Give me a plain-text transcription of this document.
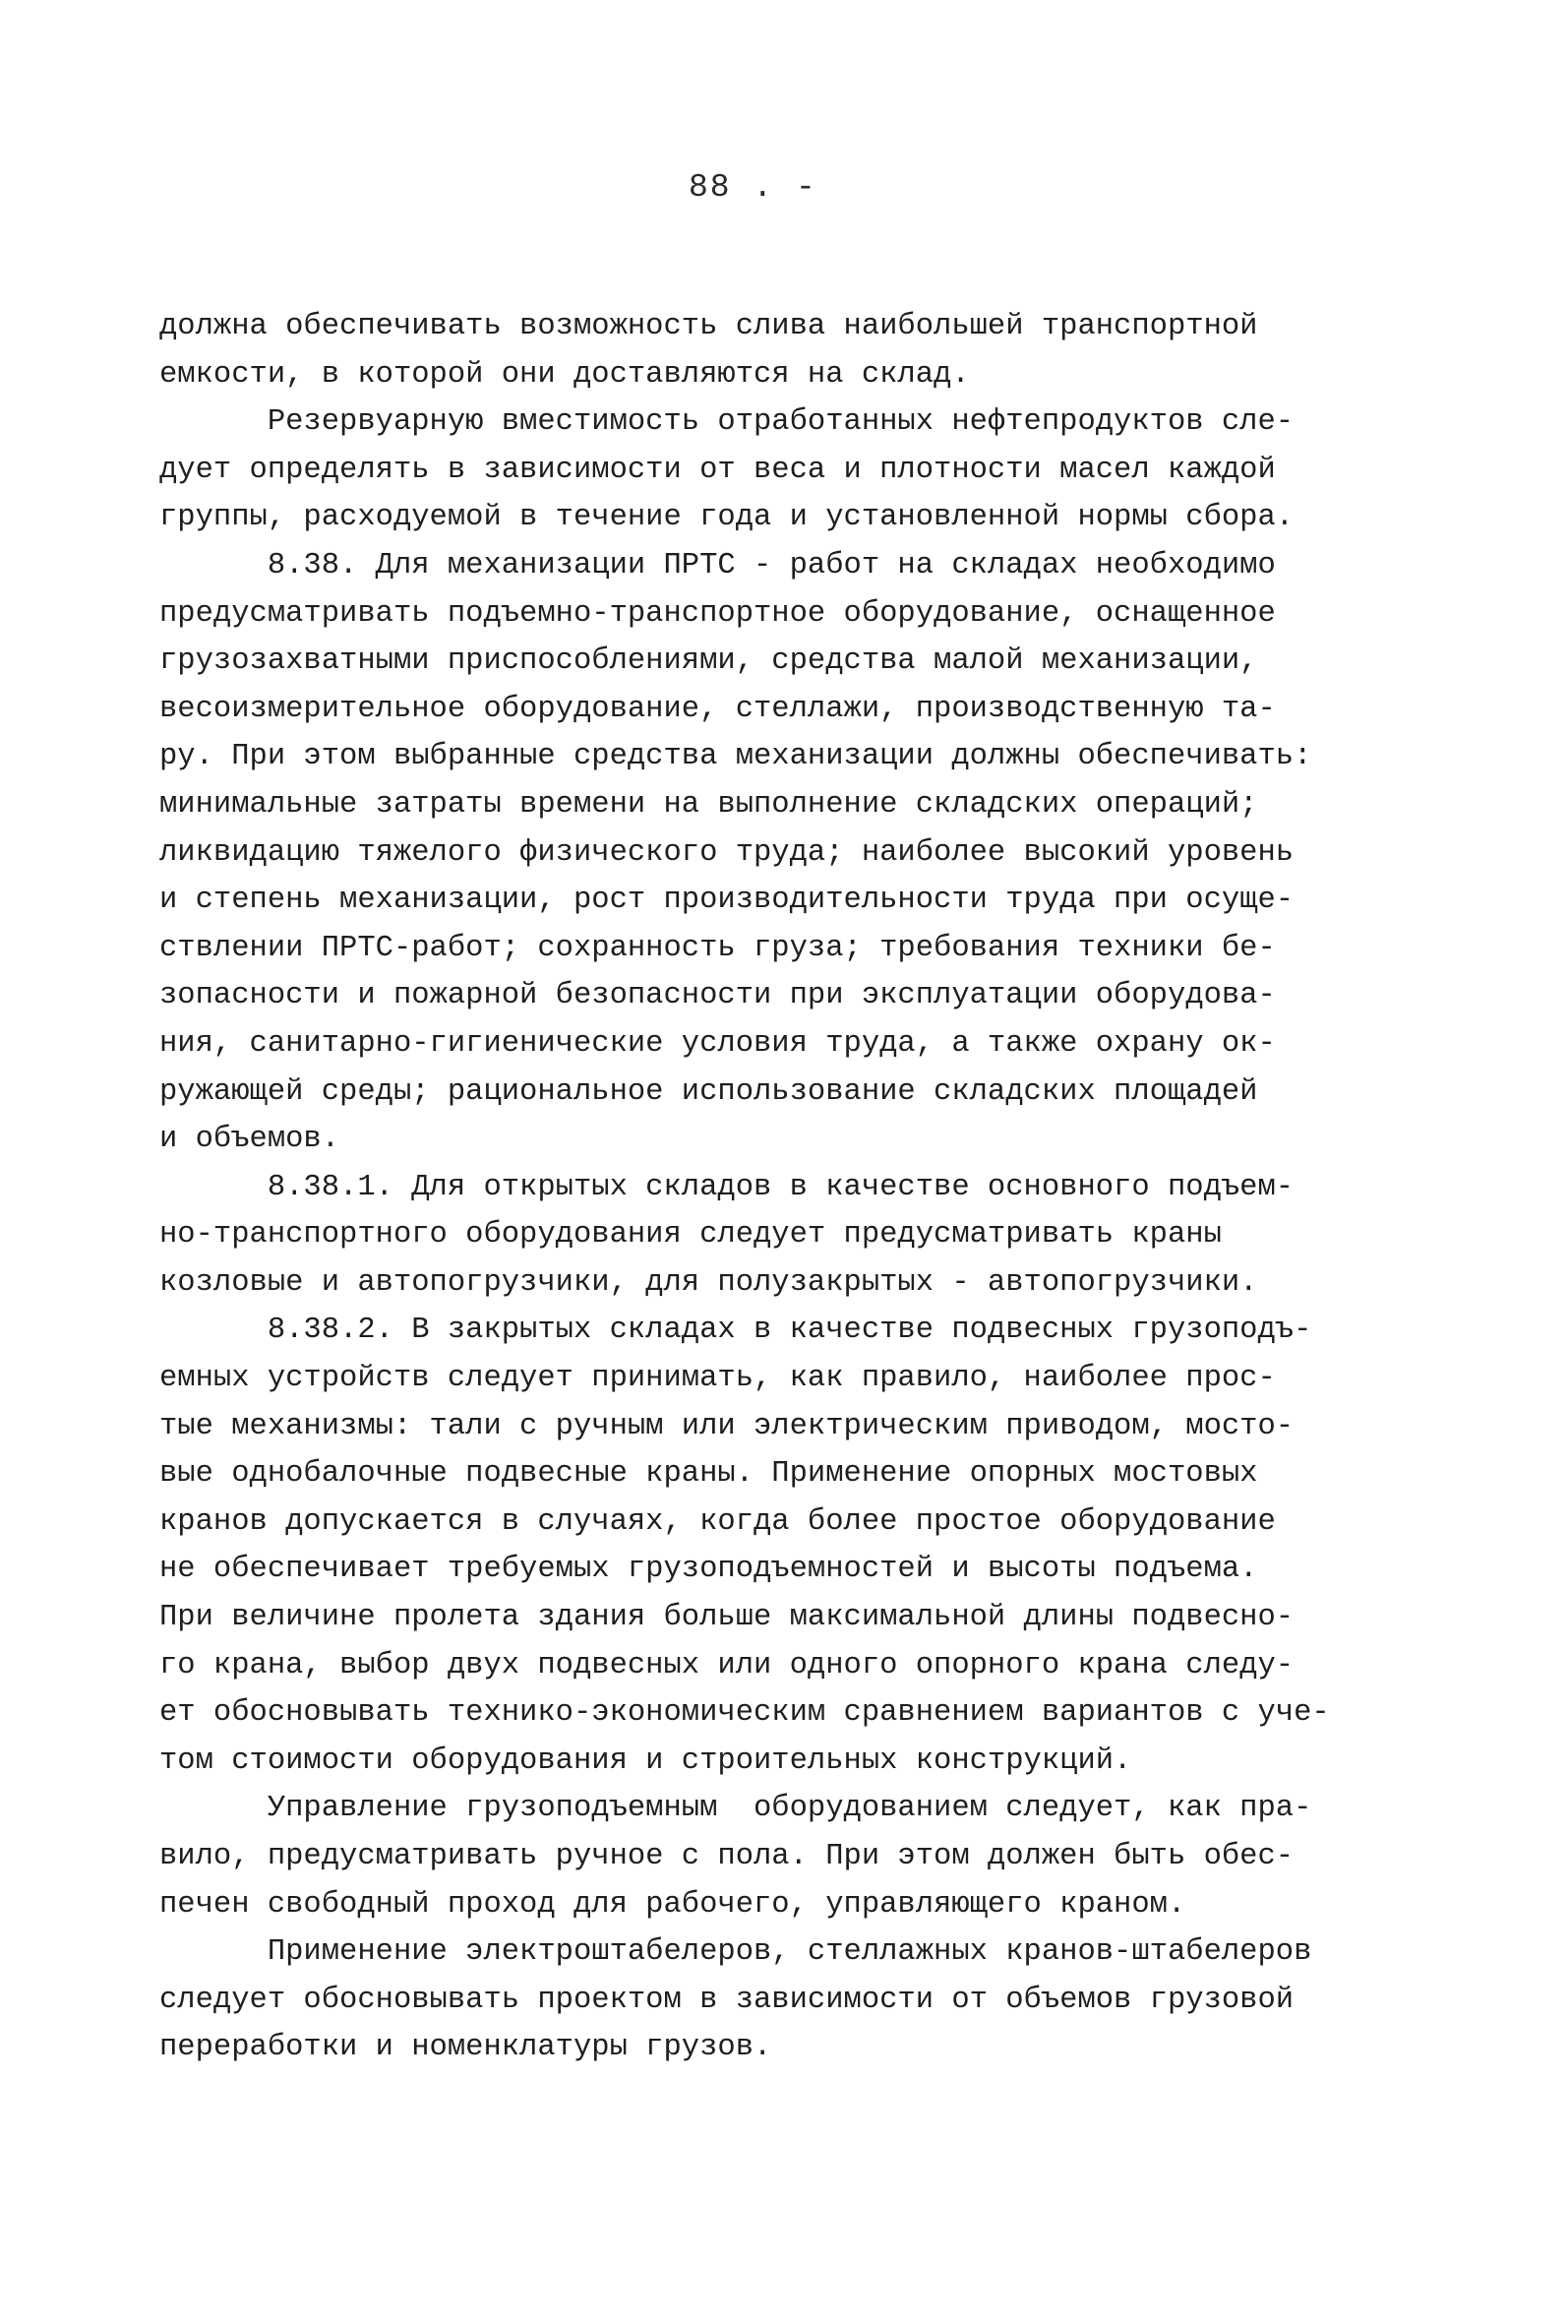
88 . -
должна обеспечивать возможность слива наибольшей транспортной
емкости, в которой они доставляются на склад.
Резервуарную вместимость отработанных нефтепродуктов сле-
дует определять в зависимости от веса и плотности масел каждой
группы, расходуемой в течение года и установленной нормы сбора.
8.38. Для механизации ПРТС - работ на складах необходимо
предусматривать подъемно-транспортное оборудование, оснащенное
грузозахватными приспособлениями, средства малой механизации,
весоизмерительное оборудование, стеллажи, производственную та-
ру. При этом выбранные средства механизации должны обеспечивать:
минимальные затраты времени на выполнение складских операций;
ликвидацию тяжелого физического труда; наиболее высокий уровень
и степень механизации, рост производительности труда при осуще-
ствлении ПРТС-работ; сохранность груза; требования техники бе-
зопасности и пожарной безопасности при эксплуатации оборудова-
ния, санитарно-гигиенические условия труда, а также охрану ок-
ружающей среды; рациональное использование складских площадей
и объемов.
8.38.1. Для открытых складов в качестве основного подъем-
но-транспортного оборудования следует предусматривать краны
козловые и автопогрузчики, для полузакрытых - автопогрузчики.
8.38.2. В закрытых складах в качестве подвесных грузоподъ-
емных устройств следует принимать, как правило, наиболее прос-
тые механизмы: тали с ручным или электрическим приводом, мосто-
вые однобалочные подвесные краны. Применение опорных мостовых
кранов допускается в случаях, когда более простое оборудование
не обеспечивает требуемых грузоподъемностей и высоты подъема.
При величине пролета здания больше максимальной длины подвесно-
го крана, выбор двух подвесных или одного опорного крана следу-
ет обосновывать технико-экономическим сравнением вариантов с уче-
том стоимости оборудования и строительных конструкций.
Управление грузоподъемным  оборудованием следует, как пра-
вило, предусматривать ручное с пола. При этом должен быть обес-
печен свободный проход для рабочего, управляющего краном.
Применение электроштабелеров, стеллажных кранов-штабелеров
следует обосновывать проектом в зависимости от объемов грузовой
переработки и номенклатуры грузов.
